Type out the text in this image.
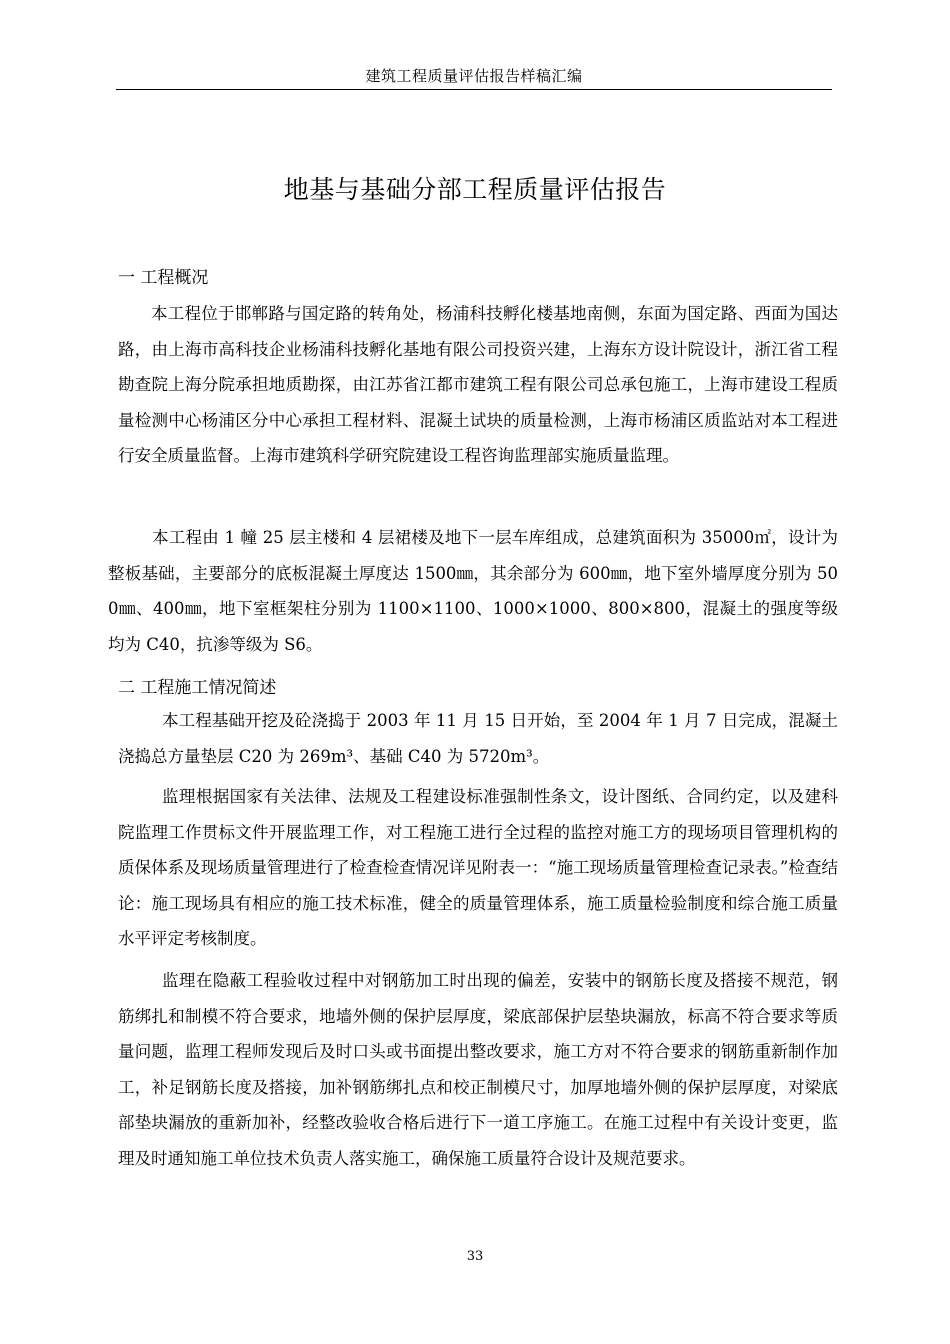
建筑工程质量评估报告样稿汇编
地基与基础分部工程质量评估报告
一 工程概况

本工程位于邯郸路与国定路的转角处，杨浦科技孵化楼基地南侧，东面为国定路、西面为国达路，由上海市高科技企业杨浦科技孵化基地有限公司投资兴建，上海东方设计院设计，浙江省工程勘查院上海分院承担地质勘探，由江苏省江都市建筑工程有限公司总承包施工，上海市建设工程质量检测中心杨浦区分中心承担工程材料、混凝土试块的质量检测，上海市杨浦区质监站对本工程进行安全质量监督。上海市建筑科学研究院建设工程咨询监理部实施质量监理。

本工程由 1 幢 25 层主楼和 4 层裙楼及地下一层车库组成，总建筑面积为 35000㎡，设计为整板基础，主要部分的底板混凝土厚度达 1500㎜，其余部分为 600㎜，地下室外墙厚度分别为 500㎜、400㎜，地下室框架柱分别为 1100×1100、1000×1000、800×800，混凝土的强度等级均为 C40，抗渗等级为 S6。

二 工程施工情况简述

本工程基础开挖及砼浇捣于 2003 年 11 月 15 日开始，至 2004 年 1 月 7 日完成，混凝土浇捣总方量垫层 C20 为 269m³、基础 C40 为 5720m³。

监理根据国家有关法律、法规及工程建设标准强制性条文，设计图纸、合同约定，以及建科院监理工作贯标文件开展监理工作，对工程施工进行全过程的监控对施工方的现场项目管理机构的质保体系及现场质量管理进行了检查检查情况详见附表一：“施工现场质量管理检查记录表。”检查结论：施工现场具有相应的施工技术标准，健全的质量管理体系，施工质量检验制度和综合施工质量水平评定考核制度。

监理在隐蔽工程验收过程中对钢筋加工时出现的偏差，安装中的钢筋长度及搭接不规范，钢筋绑扎和制模不符合要求，地墙外侧的保护层厚度，梁底部保护层垫块漏放，标高不符合要求等质量问题，监理工程师发现后及时口头或书面提出整改要求，施工方对不符合要求的钢筋重新制作加工，补足钢筋长度及搭接，加补钢筋绑扎点和校正制模尺寸，加厚地墙外侧的保护层厚度，对梁底部垫块漏放的重新加补，经整改验收合格后进行下一道工序施工。在施工过程中有关设计变更，监理及时通知施工单位技术负责人落实施工，确保施工质量符合设计及规范要求。

33
